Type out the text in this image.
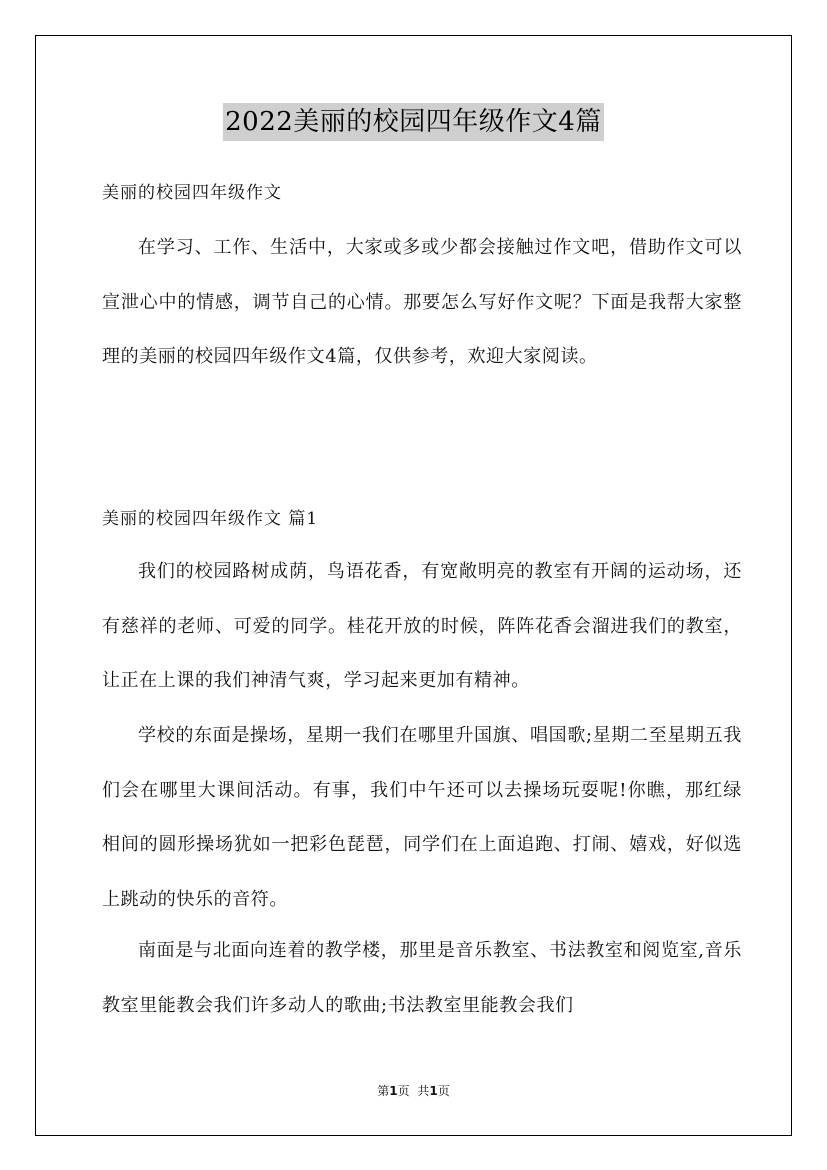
2022美丽的校园四年级作文4篇
美丽的校园四年级作文

在学习、工作、生活中，大家或多或少都会接触过作文吧，借助作文可以宣泄心中的情感，调节自己的心情。那要怎么写好作文呢？下面是我帮大家整理的美丽的校园四年级作文4篇，仅供参考，欢迎大家阅读。

美丽的校园四年级作文 篇1

我们的校园路树成荫，鸟语花香，有宽敞明亮的教室有开阔的运动场，还有慈祥的老师、可爱的同学。桂花开放的时候，阵阵花香会溜进我们的教室，让正在上课的我们神清气爽，学习起来更加有精神。

学校的东面是操场，星期一我们在哪里升国旗、唱国歌;星期二至星期五我们会在哪里大课间活动。有事，我们中午还可以去操场玩耍呢!你瞧，那红绿相间的圆形操场犹如一把彩色琵琶，同学们在上面追跑、打闹、嬉戏，好似选上跳动的快乐的音符。

南面是与北面向连着的教学楼，那里是音乐教室、书法教室和阅览室,音乐教室里能教会我们许多动人的歌曲;书法教室里能教会我们

第1页 共1页
